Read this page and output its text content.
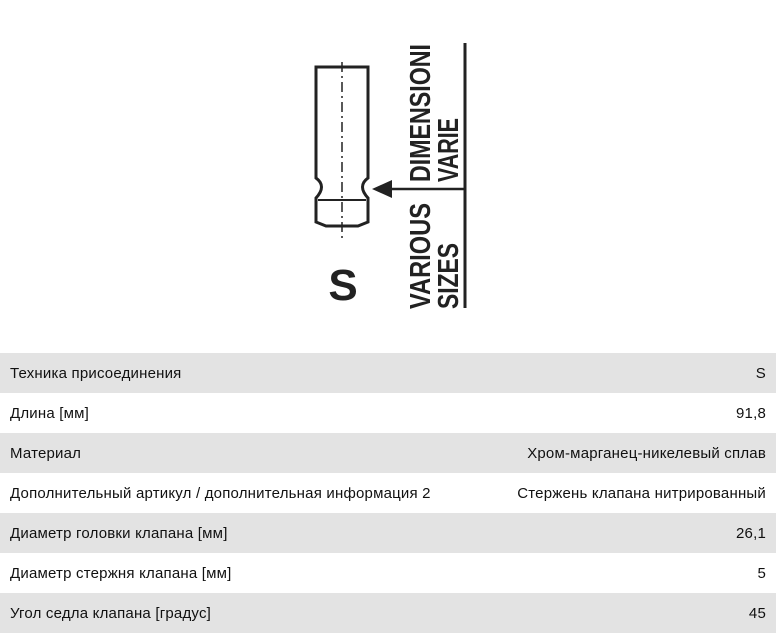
S
DIMENSIONI
VARIE
VARIOUS
SIZES
Техника присоединения	S
Длина [мм]	91,8
Материал	Хром-марганец-никелевый сплав
Дополнительный артикул / дополнительная информация 2	Стержень клапана нитрированный
Диаметр головки клапана [мм]	26,1
Диаметр стержня клапана [мм]	5
Угол седла клапана [градус]	45
